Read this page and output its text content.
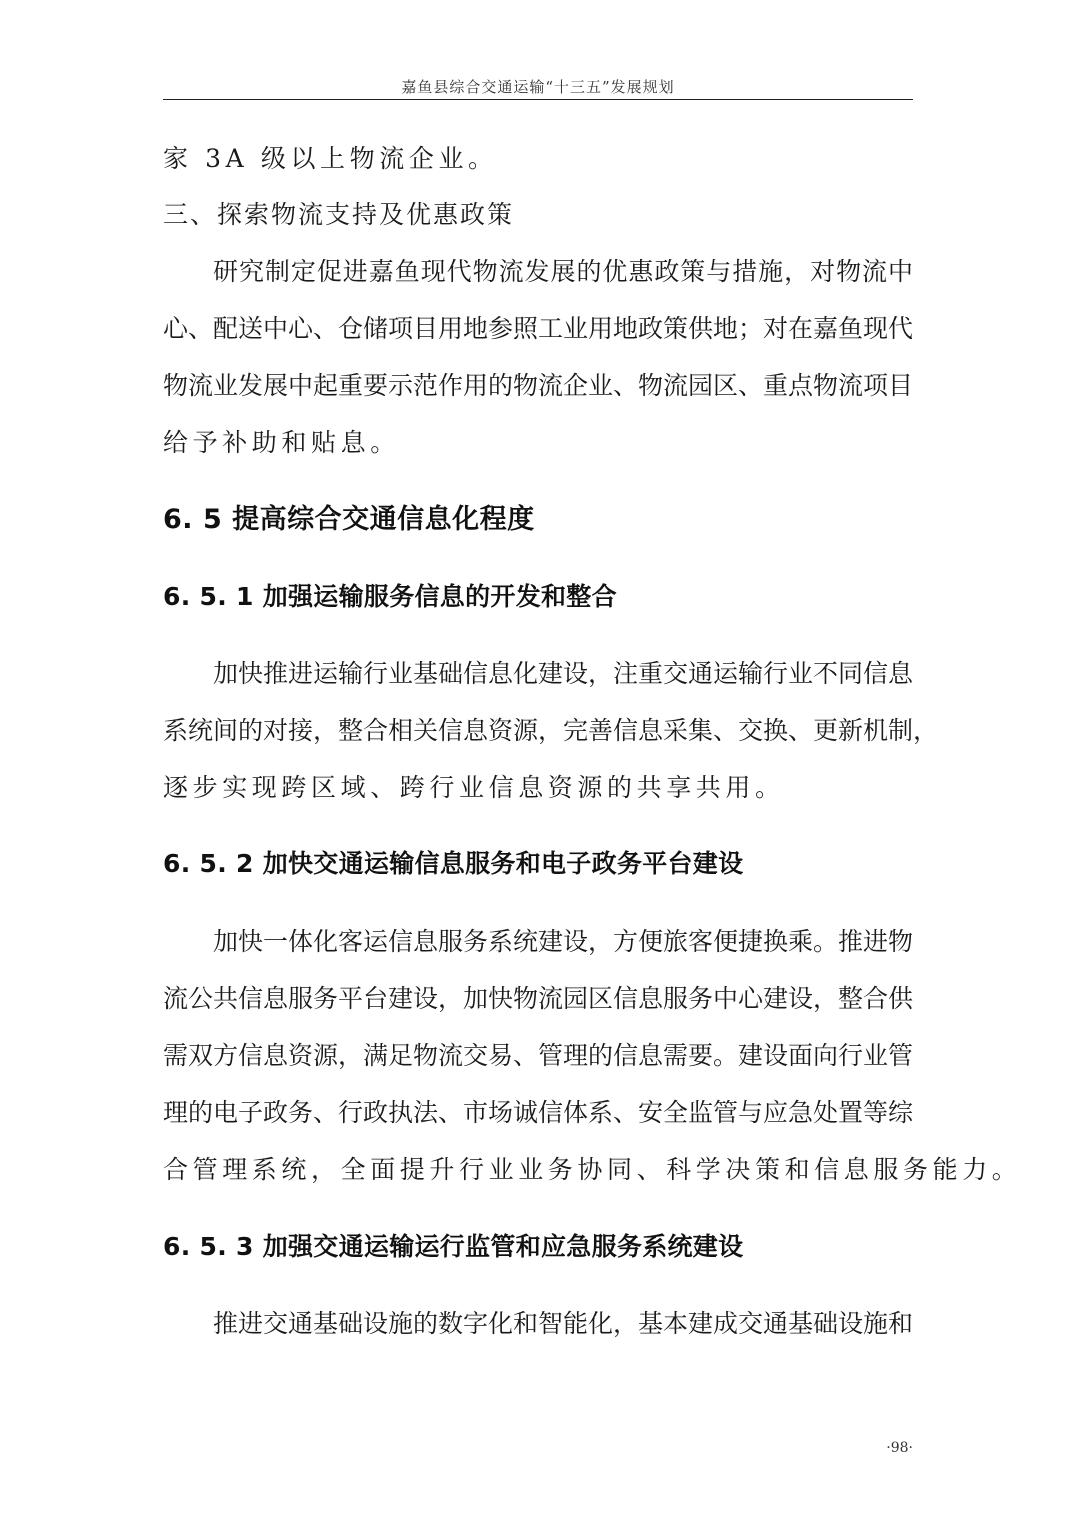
嘉鱼县综合交通运输“十三五”发展规划
家 3A 级以上物流企业。
三、探索物流支持及优惠政策
研究制定促进嘉鱼现代物流发展的优惠政策与措施，对物流中
心、配送中心、仓储项目用地参照工业用地政策供地；对在嘉鱼现代
物流业发展中起重要示范作用的物流企业、物流园区、重点物流项目
给予补助和贴息。
6. 5 提高综合交通信息化程度
6. 5. 1 加强运输服务信息的开发和整合
加快推进运输行业基础信息化建设，注重交通运输行业不同信息
系统间的对接，整合相关信息资源，完善信息采集、交换、更新机制，
逐步实现跨区域、跨行业信息资源的共享共用。
6. 5. 2 加快交通运输信息服务和电子政务平台建设
加快一体化客运信息服务系统建设，方便旅客便捷换乘。推进物
流公共信息服务平台建设，加快物流园区信息服务中心建设，整合供
需双方信息资源，满足物流交易、管理的信息需要。建设面向行业管
理的电子政务、行政执法、市场诚信体系、安全监管与应急处置等综
合管理系统，全面提升行业业务协同、科学决策和信息服务能力。
6. 5. 3 加强交通运输运行监管和应急服务系统建设
推进交通基础设施的数字化和智能化，基本建成交通基础设施和
·98·
